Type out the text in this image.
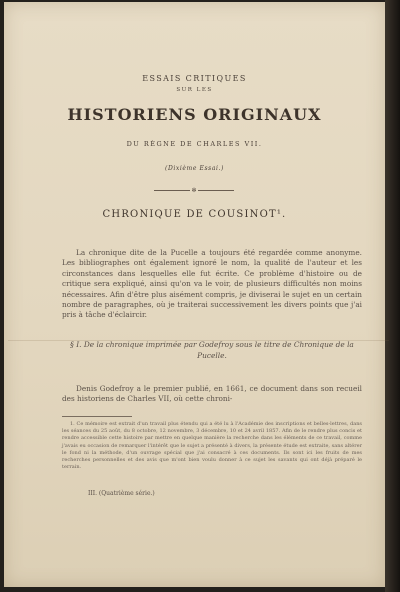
ESSAIS CRITIQUES
SUR LES
HISTORIENS ORIGINAUX
DU RÈGNE DE CHARLES VII.
(Dixième Essai.)
✻
CHRONIQUE DE COUSINOT¹.

La chronique dite de la Pucelle a toujours été regardée comme anonyme. Les bibliographes ont également ignoré le nom, la qualité de l'auteur et les circonstances dans lesquelles elle fut écrite. Ce problème d'histoire ou de critique sera expliqué, ainsi qu'on va le voir, de plusieurs difficultés non moins nécessaires. Afin d'être plus aisément compris, je diviserai le sujet en un certain nombre de paragraphes, où je traiterai successivement les divers points que j'ai pris à tâche d'éclaircir.

§ I. De la chronique imprimée par Godefroy sous le titre de Chronique de la Pucelle.

Denis Godefroy a le premier publié, en 1661, ce document dans son recueil des historiens de Charles VII, où cette chroni-

1. Ce mémoire est extrait d'un travail plus étendu qui a été lu à l'Académie des inscriptions et belles-lettres, dans les séances du 25 août, du 8 octobre, 12 novembre, 3 décembre, 10 et 24 avril 1857. Afin de le rendre plus concis et rendre accessible cette histoire par mettre en quelque manière la recherche dans les éléments de ce travail, comme j'avais eu occasion de remarquer l'intérêt que le sujet a présenté à divers, la présente étude est extraite, sans altérer le fond ni la méthode, d'un ouvrage spécial que j'ai consacré à ces documents. Ils sont ici les fruits de mes recherches personnelles et des avis que m'ont bien voulu donner à ce sujet les savants qui ont déjà préparé le terrain.

III. (Quatrième série.)
